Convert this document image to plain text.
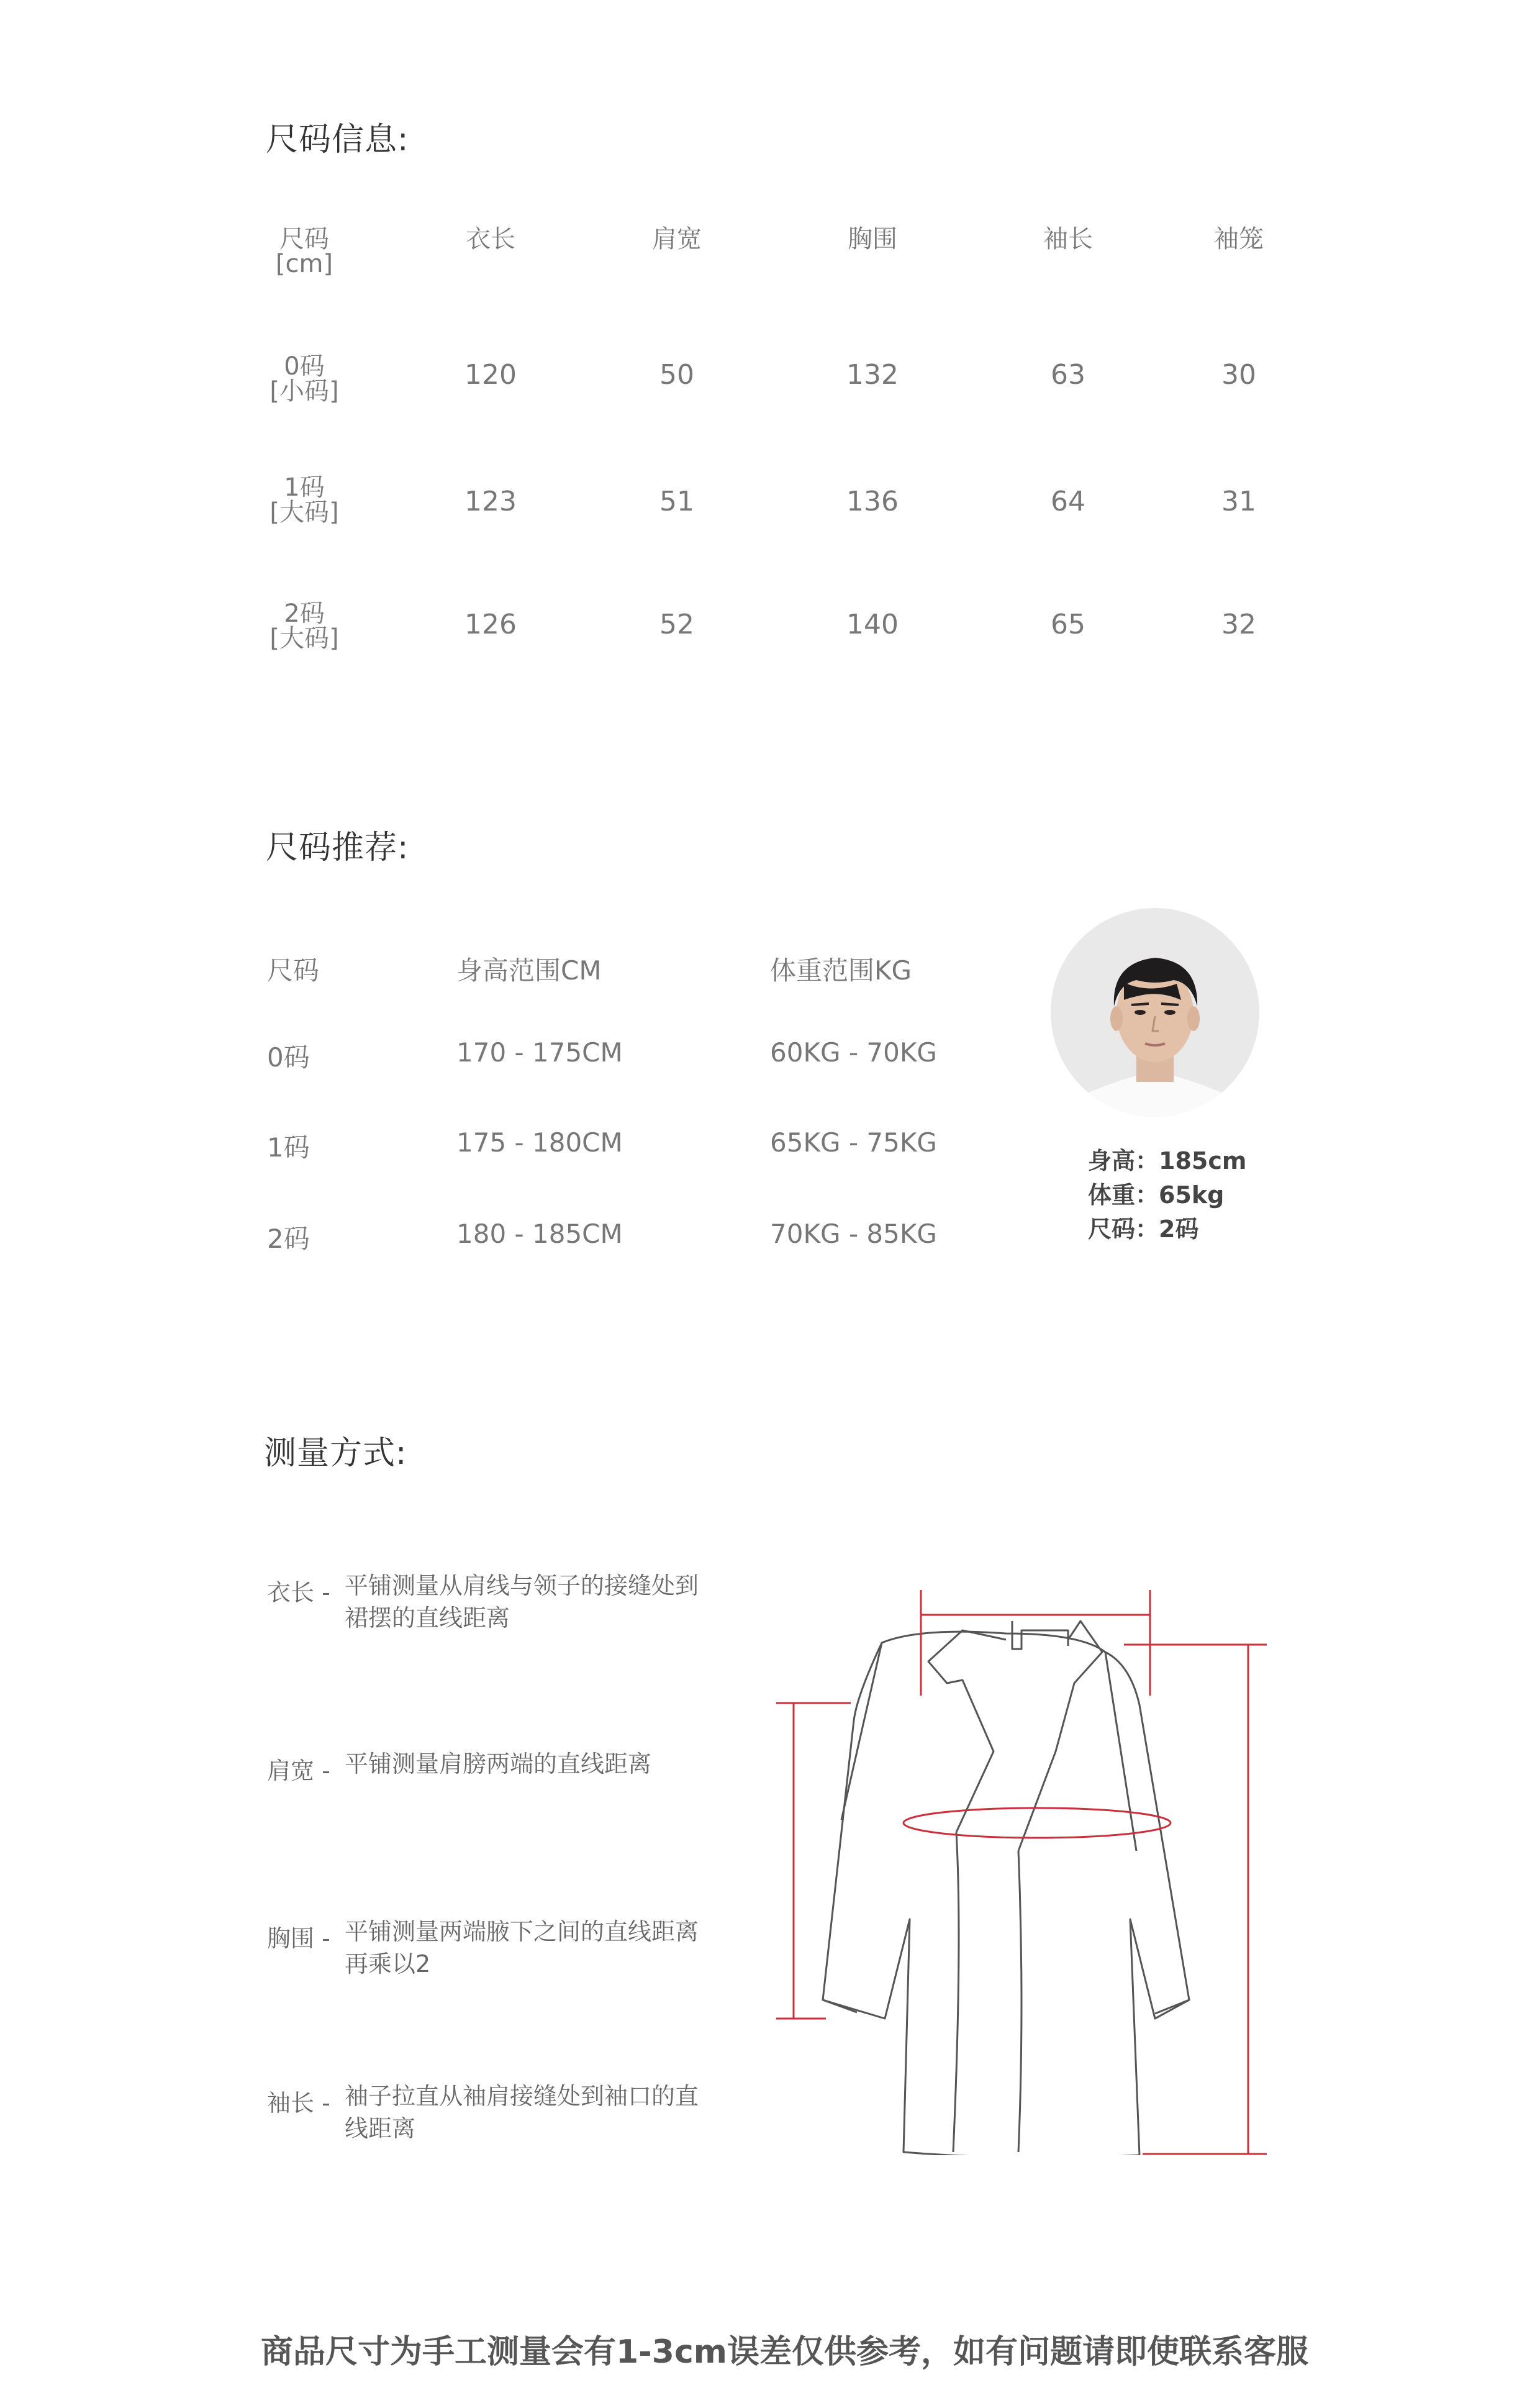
尺码信息:
尺码
[cm]
衣长	肩宽	胸围	袖长	袖笼
0码
[小码]
120	50	132	63	30
1码
[大码]	123	51	136	64	31
2码
[大码]	126	52	140	65	32
尺码推荐:
尺码	身高范围CM	体重范围KG
0码	170 - 175CM	60KG - 70KG
1码	175 - 180CM	65KG - 75KG
2码	180 - 185CM	70KG - 85KG
身高：185cm
体重：65kg
尺码：2码
测量方式:
衣长 - 平铺测量从肩线与领子的接缝处到裙摆的直线距离
肩宽 - 平铺测量肩膀两端的直线距离
胸围 - 平铺测量两端腋下之间的直线距离再乘以2
袖长 - 袖子拉直从袖肩接缝处到袖口的直线距离
商品尺寸为手工测量会有1-3cm误差仅供参考，如有问题请即使联系客服
